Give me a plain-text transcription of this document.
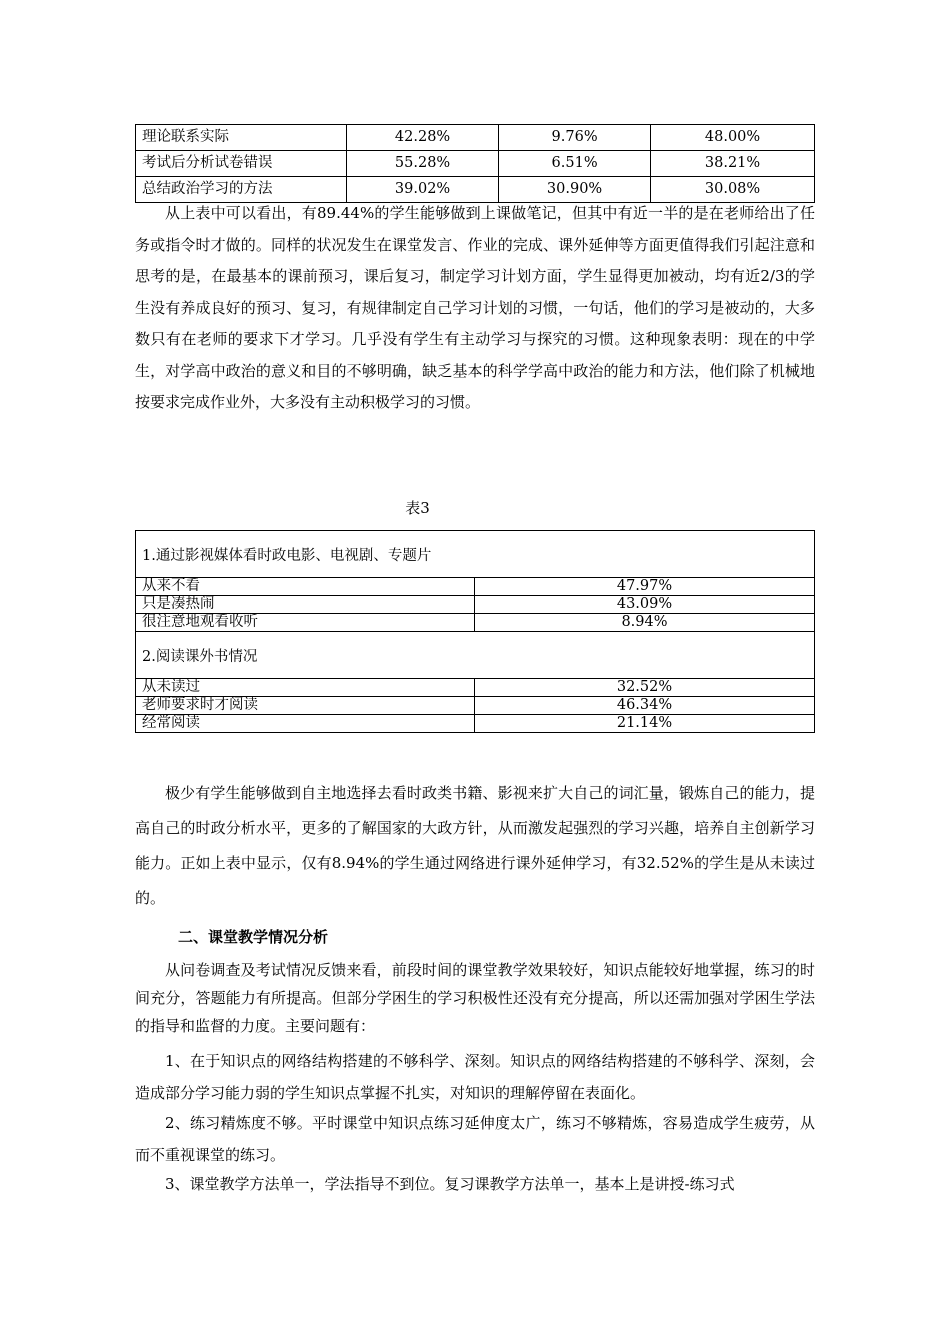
理论联系实际	42.28%	9.76%	48.00%
考试后分析试卷错误	55.28%	6.51%	38.21%
总结政治学习的方法	39.02%	30.90%	30.08%

从上表中可以看出，有89.44%的学生能够做到上课做笔记，但其中有近一半的是在老师给出了任务或指令时才做的。同样的状况发生在课堂发言、作业的完成、课外延伸等方面更值得我们引起注意和思考的是，在最基本的课前预习，课后复习，制定学习计划方面，学生显得更加被动，均有近2/3的学生没有养成良好的预习、复习，有规律制定自己学习计划的习惯，一句话，他们的学习是被动的，大多数只有在老师的要求下才学习。几乎没有学生有主动学习与探究的习惯。这种现象表明：现在的中学生，对学高中政治的意义和目的不够明确，缺乏基本的科学学高中政治的能力和方法，他们除了机械地按要求完成作业外，大多没有主动积极学习的习惯。

表3
1.通过影视媒体看时政电影、电视剧、专题片	
从来不看	47.97%
只是凑热闹	43.09%
很注意地观看收听	8.94%
2.阅读课外书情况	
从未读过	32.52%
老师要求时才阅读	46.34%
经常阅读	21.14%

极少有学生能够做到自主地选择去看时政类书籍、影视来扩大自己的词汇量，锻炼自己的能力，提高自己的时政分析水平，更多的了解国家的大政方针，从而激发起强烈的学习兴趣，培养自主创新学习能力。正如上表中显示，仅有8.94%的学生通过网络进行课外延伸学习，有32.52%的学生是从未读过的。

二、课堂教学情况分析

从问卷调查及考试情况反馈来看，前段时间的课堂教学效果较好，知识点能较好地掌握，练习的时间充分，答题能力有所提高。但部分学困生的学习积极性还没有充分提高，所以还需加强对学困生学法的指导和监督的力度。主要问题有：

1、在于知识点的网络结构搭建的不够科学、深刻。知识点的网络结构搭建的不够科学、深刻，会造成部分学习能力弱的学生知识点掌握不扎实，对知识的理解停留在表面化。

2、练习精炼度不够。平时课堂中知识点练习延伸度太广，练习不够精炼，容易造成学生疲劳，从而不重视课堂的练习。

3、课堂教学方法单一，学法指导不到位。复习课教学方法单一，基本上是讲授-练习式
